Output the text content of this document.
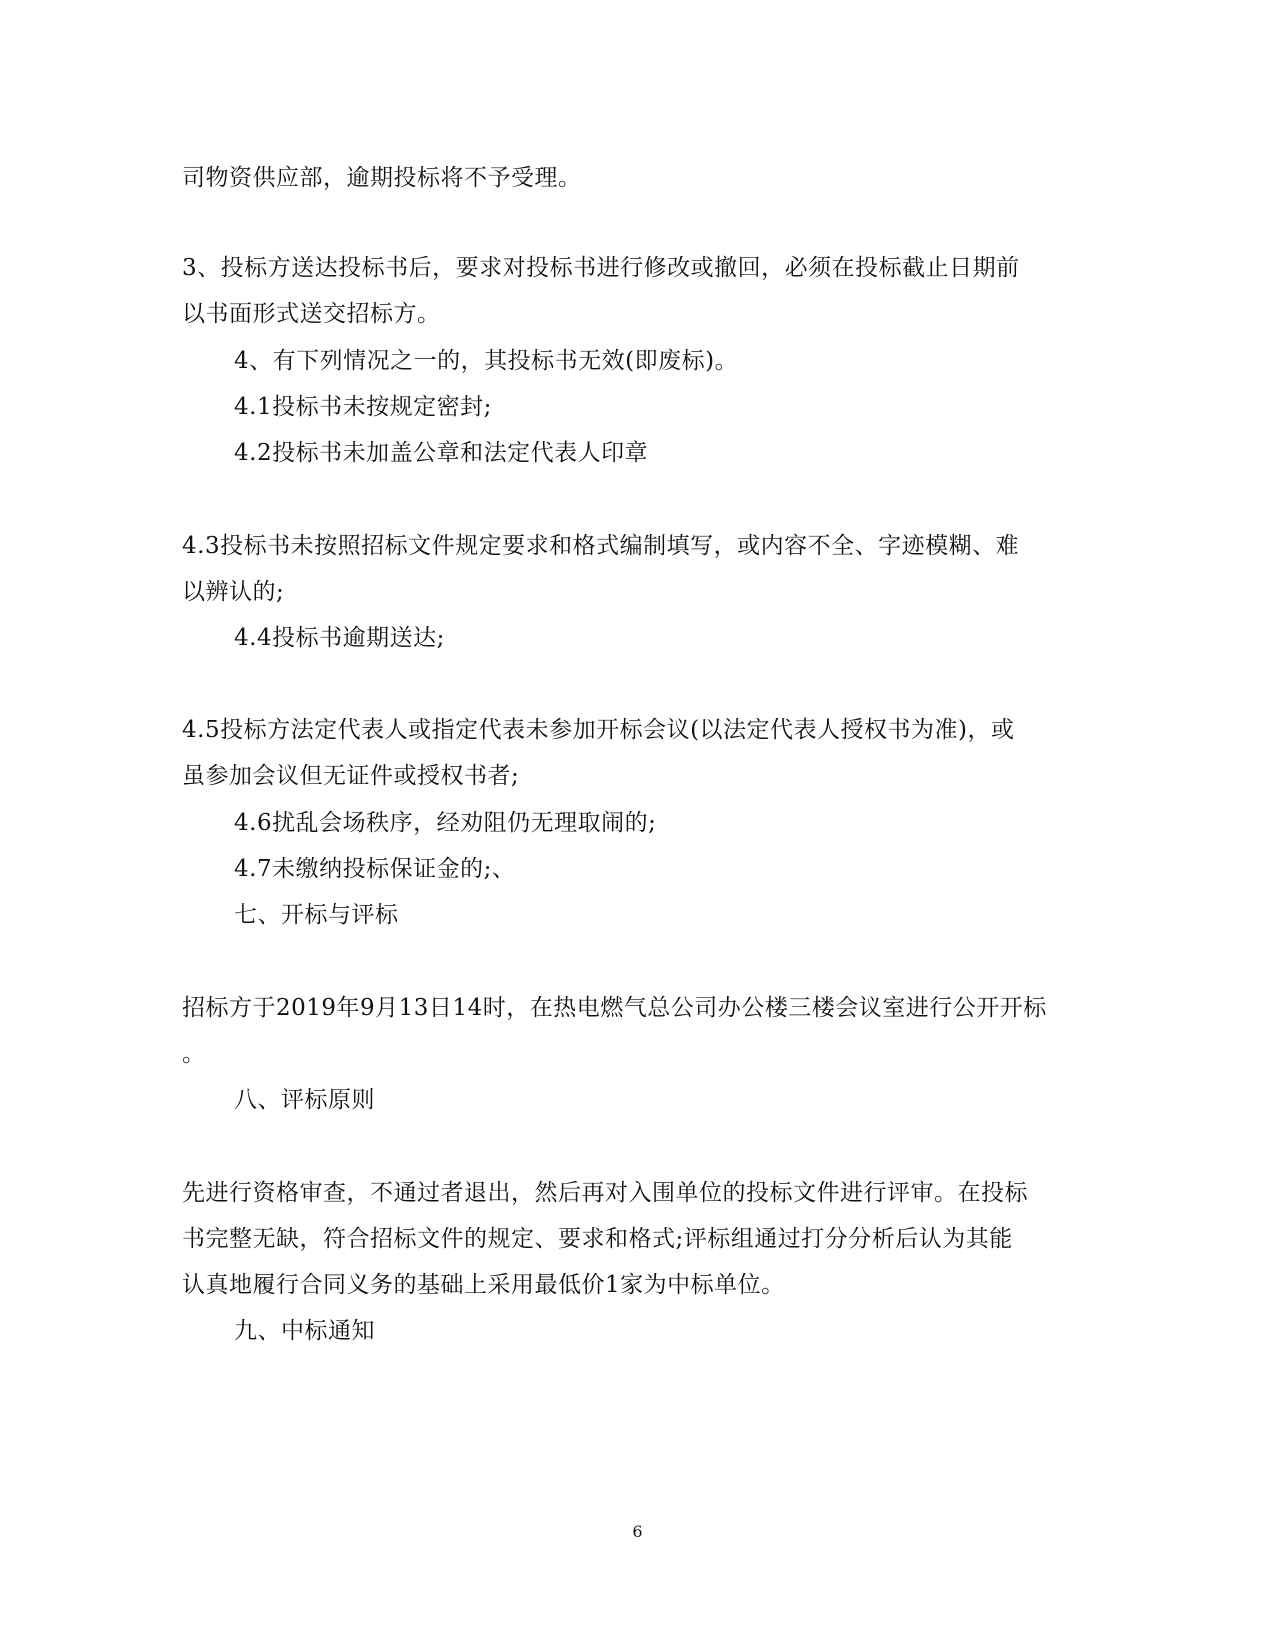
司物资供应部，逾期投标将不予受理。
3、投标方送达投标书后，要求对投标书进行修改或撤回，必须在投标截止日期前
以书面形式送交招标方。
4、有下列情况之一的，其投标书无效(即废标)。
4.1投标书未按规定密封;
4.2投标书未加盖公章和法定代表人印章
4.3投标书未按照招标文件规定要求和格式编制填写，或内容不全、字迹模糊、难
以辨认的;
4.4投标书逾期送达;
4.5投标方法定代表人或指定代表未参加开标会议(以法定代表人授权书为准)，或
虽参加会议但无证件或授权书者;
4.6扰乱会场秩序，经劝阻仍无理取闹的;
4.7未缴纳投标保证金的;、
七、开标与评标
招标方于2019年9月13日14时，在热电燃气总公司办公楼三楼会议室进行公开开标
。
八、评标原则
先进行资格审查，不通过者退出，然后再对入围单位的投标文件进行评审。在投标
书完整无缺，符合招标文件的规定、要求和格式;评标组通过打分分析后认为其能
认真地履行合同义务的基础上采用最低价1家为中标单位。
九、中标通知
6
